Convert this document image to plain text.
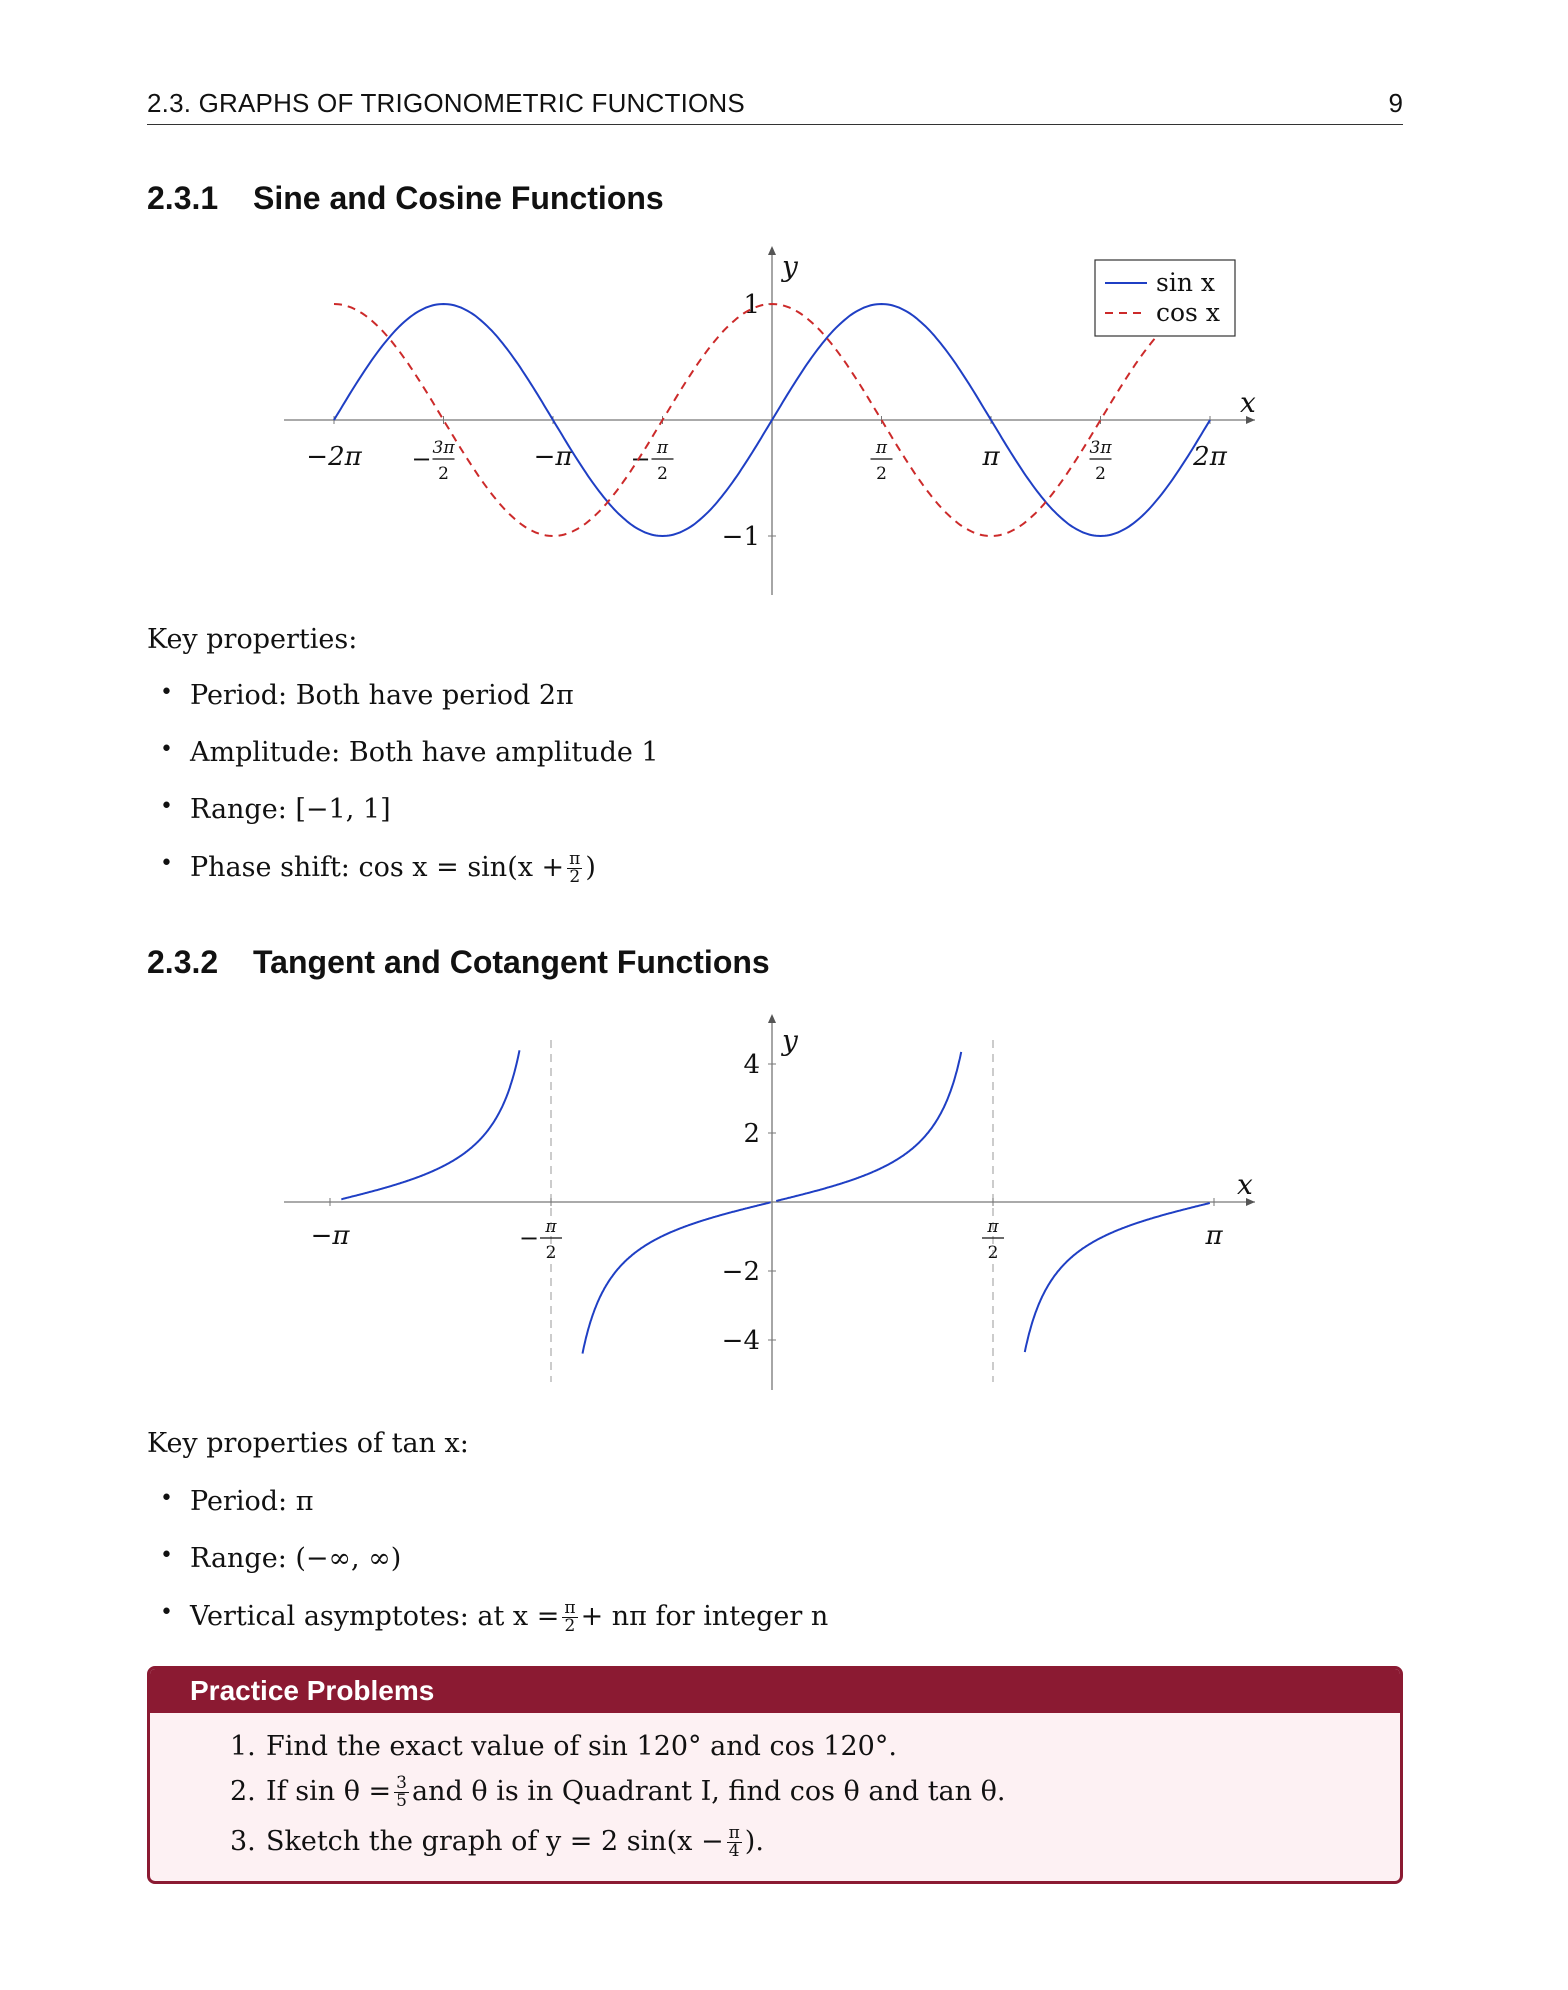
2.3. GRAPHS OF TRIGONOMETRIC FUNCTIONS	9
2.3.1 Sine and Cosine Functions
x
y
−2π − 3π
2
−π − π
2
π
2
π	3π
2
2π
1
−1
sin x
cos x
Key properties:
• Period: Both have period 2π
• Amplitude: Both have amplitude 1
• Range: [−1, 1]
• Phase shift: $\cos x = \sin(x + \frac{\pi}{2}$ )
2.3.2 Tangent and Cotangent Functions
x
y
−π	− π
2
π
2
π
4
2
−2
−4
Key properties of tan x:
• Period: π
• Range: (−∞, ∞)
• Vertical asymptotes: at $x = \frac{\pi}{2} + n\pi$ for integer n
Practice Problems
1. Find the exact value of sin 120° and cos 120°.
2. If $\sin \theta = \frac{3}{5}$ and θ is in Quadrant I, find cos θ and tan θ.
3. Sketch the graph of y = 2 $\sin(x - \frac{\pi}{4}$ ).
